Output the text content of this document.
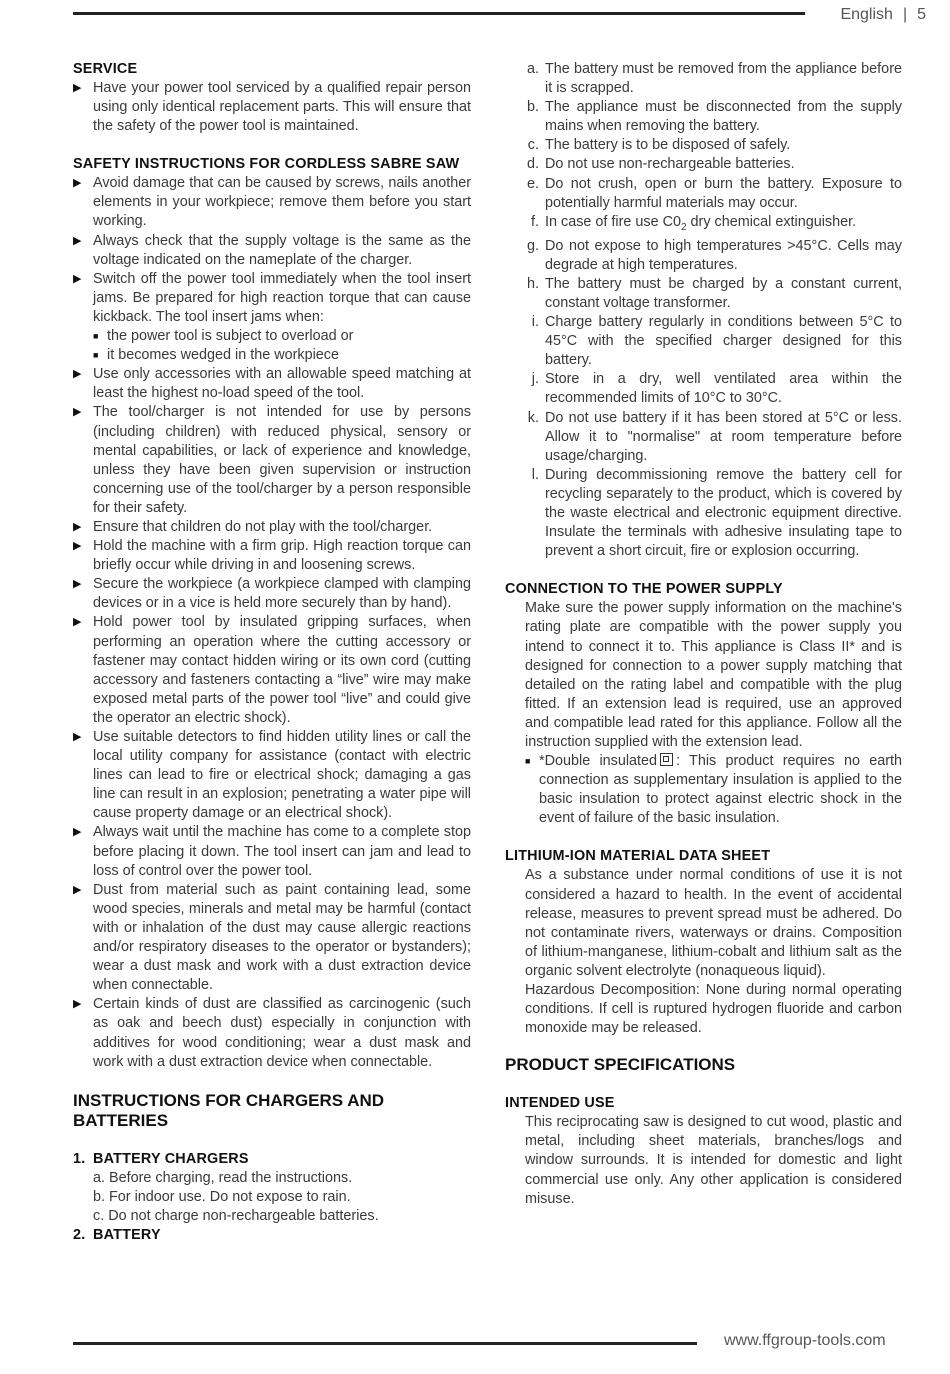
English | 5
SERVICE
▶ Have your power tool serviced by a qualified repair person using only identical replacement parts. This will ensure that the safety of the power tool is maintained.
SAFETY INSTRUCTIONS FOR CORDLESS SABRE SAW
▶ Avoid damage that can be caused by screws, nails another elements in your workpiece; remove them before you start working.
▶ Always check that the supply voltage is the same as the voltage indicated on the nameplate of the charger.
▶ Switch off the power tool immediately when the tool insert jams. Be prepared for high reaction torque that can cause kickback. The tool insert jams when:
■ the power tool is subject to overload or
■ it becomes wedged in the workpiece
▶ Use only accessories with an allowable speed matching at least the highest no-load speed of the tool.
▶ The tool/charger is not intended for use by persons (including children) with reduced physical, sensory or mental capabilities, or lack of experience and knowledge, unless they have been given supervision or instruction concerning use of the tool/charger by a person responsible for their safety.
▶ Ensure that children do not play with the tool/charger.
▶ Hold the machine with a firm grip. High reaction torque can briefly occur while driving in and loosening screws.
▶ Secure the workpiece (a workpiece clamped with clamping devices or in a vice is held more securely than by hand).
▶ Hold power tool by insulated gripping surfaces, when performing an operation where the cutting accessory or fastener may contact hidden wiring or its own cord (cutting accessory and fasteners contacting a “live” wire may make exposed metal parts of the power tool “live” and could give the operator an electric shock).
▶ Use suitable detectors to find hidden utility lines or call the local utility company for assistance (contact with electric lines can lead to fire or electrical shock; damaging a gas line can result in an explosion; penetrating a water pipe will cause property damage or an electrical shock).
▶ Always wait until the machine has come to a complete stop before placing it down. The tool insert can jam and lead to loss of control over the power tool.
▶ Dust from material such as paint containing lead, some wood species, minerals and metal may be harmful (contact with or inhalation of the dust may cause allergic reactions and/or respiratory diseases to the operator or bystanders); wear a dust mask and work with a dust extraction device when connectable.
▶ Certain kinds of dust are classified as carcinogenic (such as oak and beech dust) especially in conjunction with additives for wood conditioning; wear a dust mask and work with a dust extraction device when connectable.
INSTRUCTIONS FOR CHARGERS AND BATTERIES
1. BATTERY CHARGERS
a. Before charging, read the instructions.
b. For indoor use. Do not expose to rain.
c. Do not charge non-rechargeable batteries.
2. BATTERY
a. The battery must be removed from the appliance before it is scrapped.
b. The appliance must be disconnected from the supply mains when removing the battery.
c. The battery is to be disposed of safely.
d. Do not use non-rechargeable batteries.
e. Do not crush, open or burn the battery. Exposure to potentially harmful materials may occur.
f. In case of fire use $C0_2$ dry chemical extinguisher.
g. Do not expose to high temperatures >45°C. Cells may degrade at high temperatures.
h. The battery must be charged by a constant current, constant voltage transformer.
i. Charge battery regularly in conditions between 5°C to 45°C with the specified charger designed for this battery.
j. Store in a dry, well ventilated area within the recommended limits of 10°C to 30°C.
k. Do not use battery if it has been stored at 5°C or less. Allow it to "normalise" at room temperature before usage/charging.
l. During decommissioning remove the battery cell for recycling separately to the product, which is covered by the waste electrical and electronic equipment directive. Insulate the terminals with adhesive insulating tape to prevent a short circuit, fire or explosion occurring.
CONNECTION TO THE POWER SUPPLY

Make sure the power supply information on the machine's rating plate are compatible with the power supply you intend to connect it to. This appliance is Class II* and is designed for connection to a power supply matching that detailed on the rating label and compatible with the plug fitted. If an extension lead is required, use an approved and compatible lead rated for this appliance. Follow all the instruction supplied with the extension lead.

■ *Double insulated : This product requires no earth connection as supplementary insulation is applied to the basic insulation to protect against electric shock in the event of failure of the basic insulation.
LITHIUM-ION MATERIAL DATA SHEET

As a substance under normal conditions of use it is not considered a hazard to health. In the event of accidental release, measures to prevent spread must be adhered. Do not contaminate rivers, waterways or drains. Composition of lithium-manganese, lithium-cobalt and lithium salt as the organic solvent electrolyte (nonaqueous liquid).

Hazardous Decomposition: None during normal operating conditions. If cell is ruptured hydrogen fluoride and carbon monoxide may be released.

PRODUCT SPECIFICATIONS
INTENDED USE

This reciprocating saw is designed to cut wood, plastic and metal, including sheet materials, branches/logs and window surrounds. It is intended for domestic and light commercial use only. Any other application is considered misuse.

www.ffgroup-tools.com
